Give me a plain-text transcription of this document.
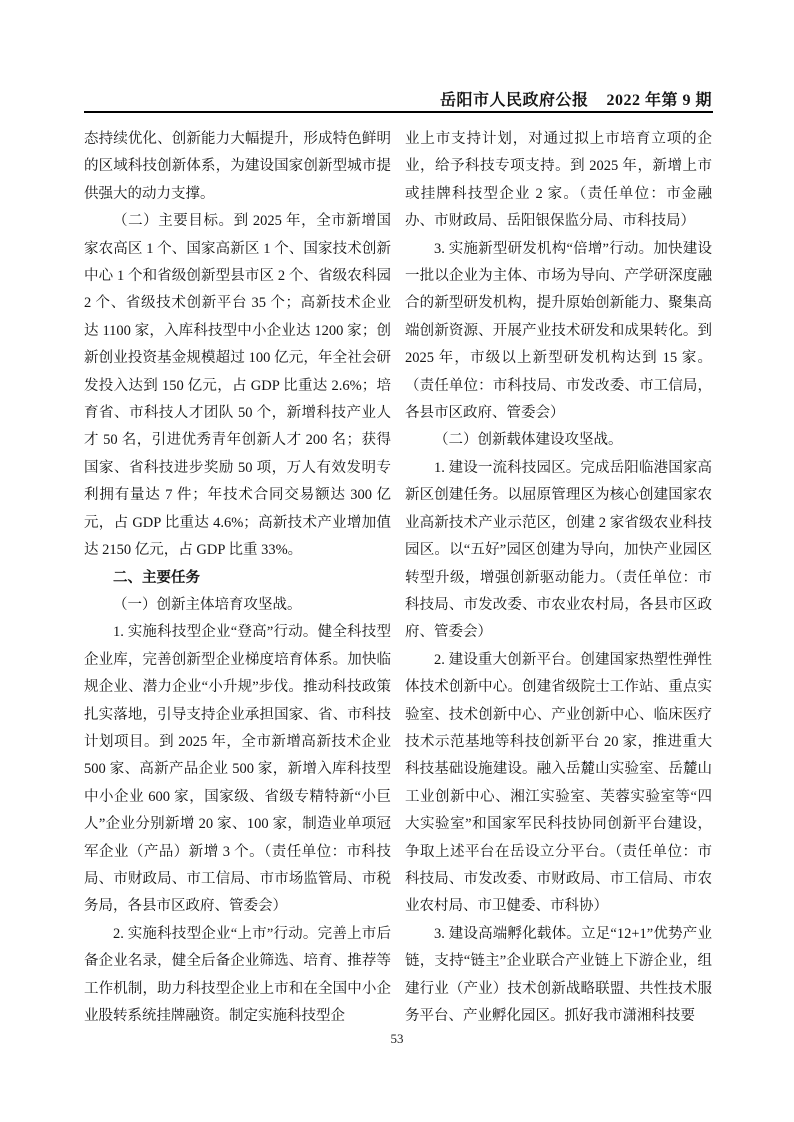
岳阳市人民政府公报 2022 年第 9 期

态持续优化、创新能力大幅提升，形成特色鲜明的区域科技创新体系，为建设国家创新型城市提供强大的动力支撑。

（二）主要目标。到 2025 年，全市新增国家农高区 1 个、国家高新区 1 个、国家技术创新中心 1 个和省级创新型县市区 2 个、省级农科园 2 个、省级技术创新平台 35 个；高新技术企业达 1100 家，入库科技型中小企业达 1200 家；创新创业投资基金规模超过 100 亿元，年全社会研发投入达到 150 亿元，占 GDP 比重达 2.6%；培育省、市科技人才团队 50 个，新增科技产业人才 50 名，引进优秀青年创新人才 200 名；获得国家、省科技进步奖励 50 项，万人有效发明专利拥有量达 7 件；年技术合同交易额达 300 亿元，占 GDP 比重达 4.6%；高新技术产业增加值达 2150 亿元，占 GDP 比重 33%。

二、主要任务

（一）创新主体培育攻坚战。

1. 实施科技型企业“登高”行动。健全科技型企业库，完善创新型企业梯度培育体系。加快临规企业、潜力企业“小升规”步伐。推动科技政策扎实落地，引导支持企业承担国家、省、市科技计划项目。到 2025 年，全市新增高新技术企业 500 家、高新产品企业 500 家，新增入库科技型中小企业 600 家，国家级、省级专精特新“小巨人”企业分别新增 20 家、100 家，制造业单项冠军企业（产品）新增 3 个。（责任单位：市科技局、市财政局、市工信局、市市场监管局、市税务局，各县市区政府、管委会）

2. 实施科技型企业“上市”行动。完善上市后备企业名录，健全后备企业筛选、培育、推荐等工作机制，助力科技型企业上市和在全国中小企业股转系统挂牌融资。制定实施科技型企

业上市支持计划，对通过拟上市培育立项的企业，给予科技专项支持。到 2025 年，新增上市或挂牌科技型企业 2 家。（责任单位：市金融办、市财政局、岳阳银保监分局、市科技局）

3. 实施新型研发机构“倍增”行动。加快建设一批以企业为主体、市场为导向、产学研深度融合的新型研发机构，提升原始创新能力、聚集高端创新资源、开展产业技术研发和成果转化。到 2025 年，市级以上新型研发机构达到 15 家。（责任单位：市科技局、市发改委、市工信局，各县市区政府、管委会）

（二）创新载体建设攻坚战。

1. 建设一流科技园区。完成岳阳临港国家高新区创建任务。以屈原管理区为核心创建国家农业高新技术产业示范区，创建 2 家省级农业科技园区。以“五好”园区创建为导向，加快产业园区转型升级，增强创新驱动能力。（责任单位：市科技局、市发改委、市农业农村局，各县市区政府、管委会）

2. 建设重大创新平台。创建国家热塑性弹性体技术创新中心。创建省级院士工作站、重点实验室、技术创新中心、产业创新中心、临床医疗技术示范基地等科技创新平台 20 家，推进重大科技基础设施建设。融入岳麓山实验室、岳麓山工业创新中心、湘江实验室、芙蓉实验室等“四大实验室”和国家军民科技协同创新平台建设，争取上述平台在岳设立分平台。（责任单位：市科技局、市发改委、市财政局、市工信局、市农业农村局、市卫健委、市科协）

3. 建设高端孵化载体。立足“12+1”优势产业链，支持“链主”企业联合产业链上下游企业，组建行业（产业）技术创新战略联盟、共性技术服务平台、产业孵化园区。抓好我市潇湘科技要

53
